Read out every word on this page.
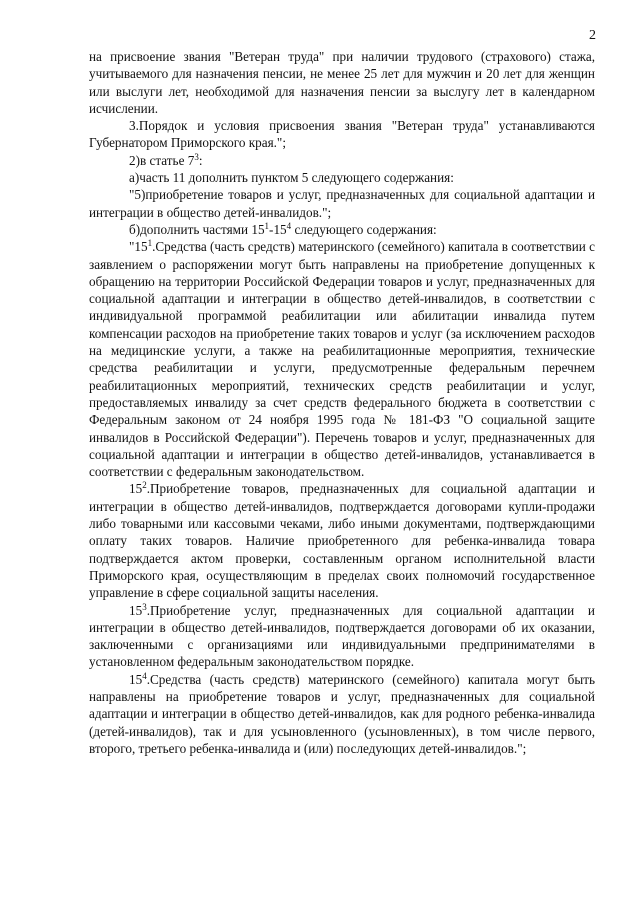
2

на присвоение звания "Ветеран труда" при наличии трудового (страхового) стажа, учитываемого для назначения пенсии, не менее 25 лет для мужчин и 20 лет для женщин или выслуги лет, необходимой для назначения пенсии за выслугу лет в календарном исчислении.

3.Порядок и условия присвоения звания "Ветеран труда" устанавливаются Губернатором Приморского края.";

2)в статье $7^3$:

а)часть 11 дополнить пунктом 5 следующего содержания:

"5)приобретение товаров и услуг, предназначенных для социальной адаптации и интеграции в общество детей-инвалидов.";

б)дополнить частями $15^1-15^4$ следующего содержания:

"$15^1.Средства$ (часть средств) материнского (семейного) капитала в соответствии с заявлением о распоряжении могут быть направлены на приобретение допущенных к обращению на территории Российской Федерации товаров и услуг, предназначенных для социальной адаптации и интеграции в общество детей-инвалидов, в соответствии с индивидуальной программой реабилитации или абилитации инвалида путем компенсации расходов на приобретение таких товаров и услуг (за исключением расходов на медицинские услуги, а также на реабилитационные мероприятия, технические средства реабилитации и услуги, предусмотренные федеральным перечнем реабилитационных мероприятий, технических средств реабилитации и услуг, предоставляемых инвалиду за счет средств федерального бюджета в соответствии с Федеральным законом от 24 ноября 1995 года № 181-ФЗ "О социальной защите инвалидов в Российской Федерации"). Перечень товаров и услуг, предназначенных для социальной адаптации и интеграции в общество детей-инвалидов, устанавливается в соответствии с федеральным законодательством.

$15^2.Приобретение$ товаров, предназначенных для социальной адаптации и интеграции в общество детей-инвалидов, подтверждается договорами купли-продажи либо товарными или кассовыми чеками, либо иными документами, подтверждающими оплату таких товаров. Наличие приобретенного для ребенка-инвалида товара подтверждается актом проверки, составленным органом исполнительной власти Приморского края, осуществляющим в пределах своих полномочий государственное управление в сфере социальной защиты населения.

$15^3.Приобретение$ услуг, предназначенных для социальной адаптации и интеграции в общество детей-инвалидов, подтверждается договорами об их оказании, заключенными с организациями или индивидуальными предпринимателями в установленном федеральным законодательством порядке.

$15^4.Средства$ (часть средств) материнского (семейного) капитала могут быть направлены на приобретение товаров и услуг, предназначенных для социальной адаптации и интеграции в общество детей-инвалидов, как для родного ребенка-инвалида (детей-инвалидов), так и для усыновленного (усыновленных), в том числе первого, второго, третьего ребенка-инвалида и (или) последующих детей-инвалидов.";
